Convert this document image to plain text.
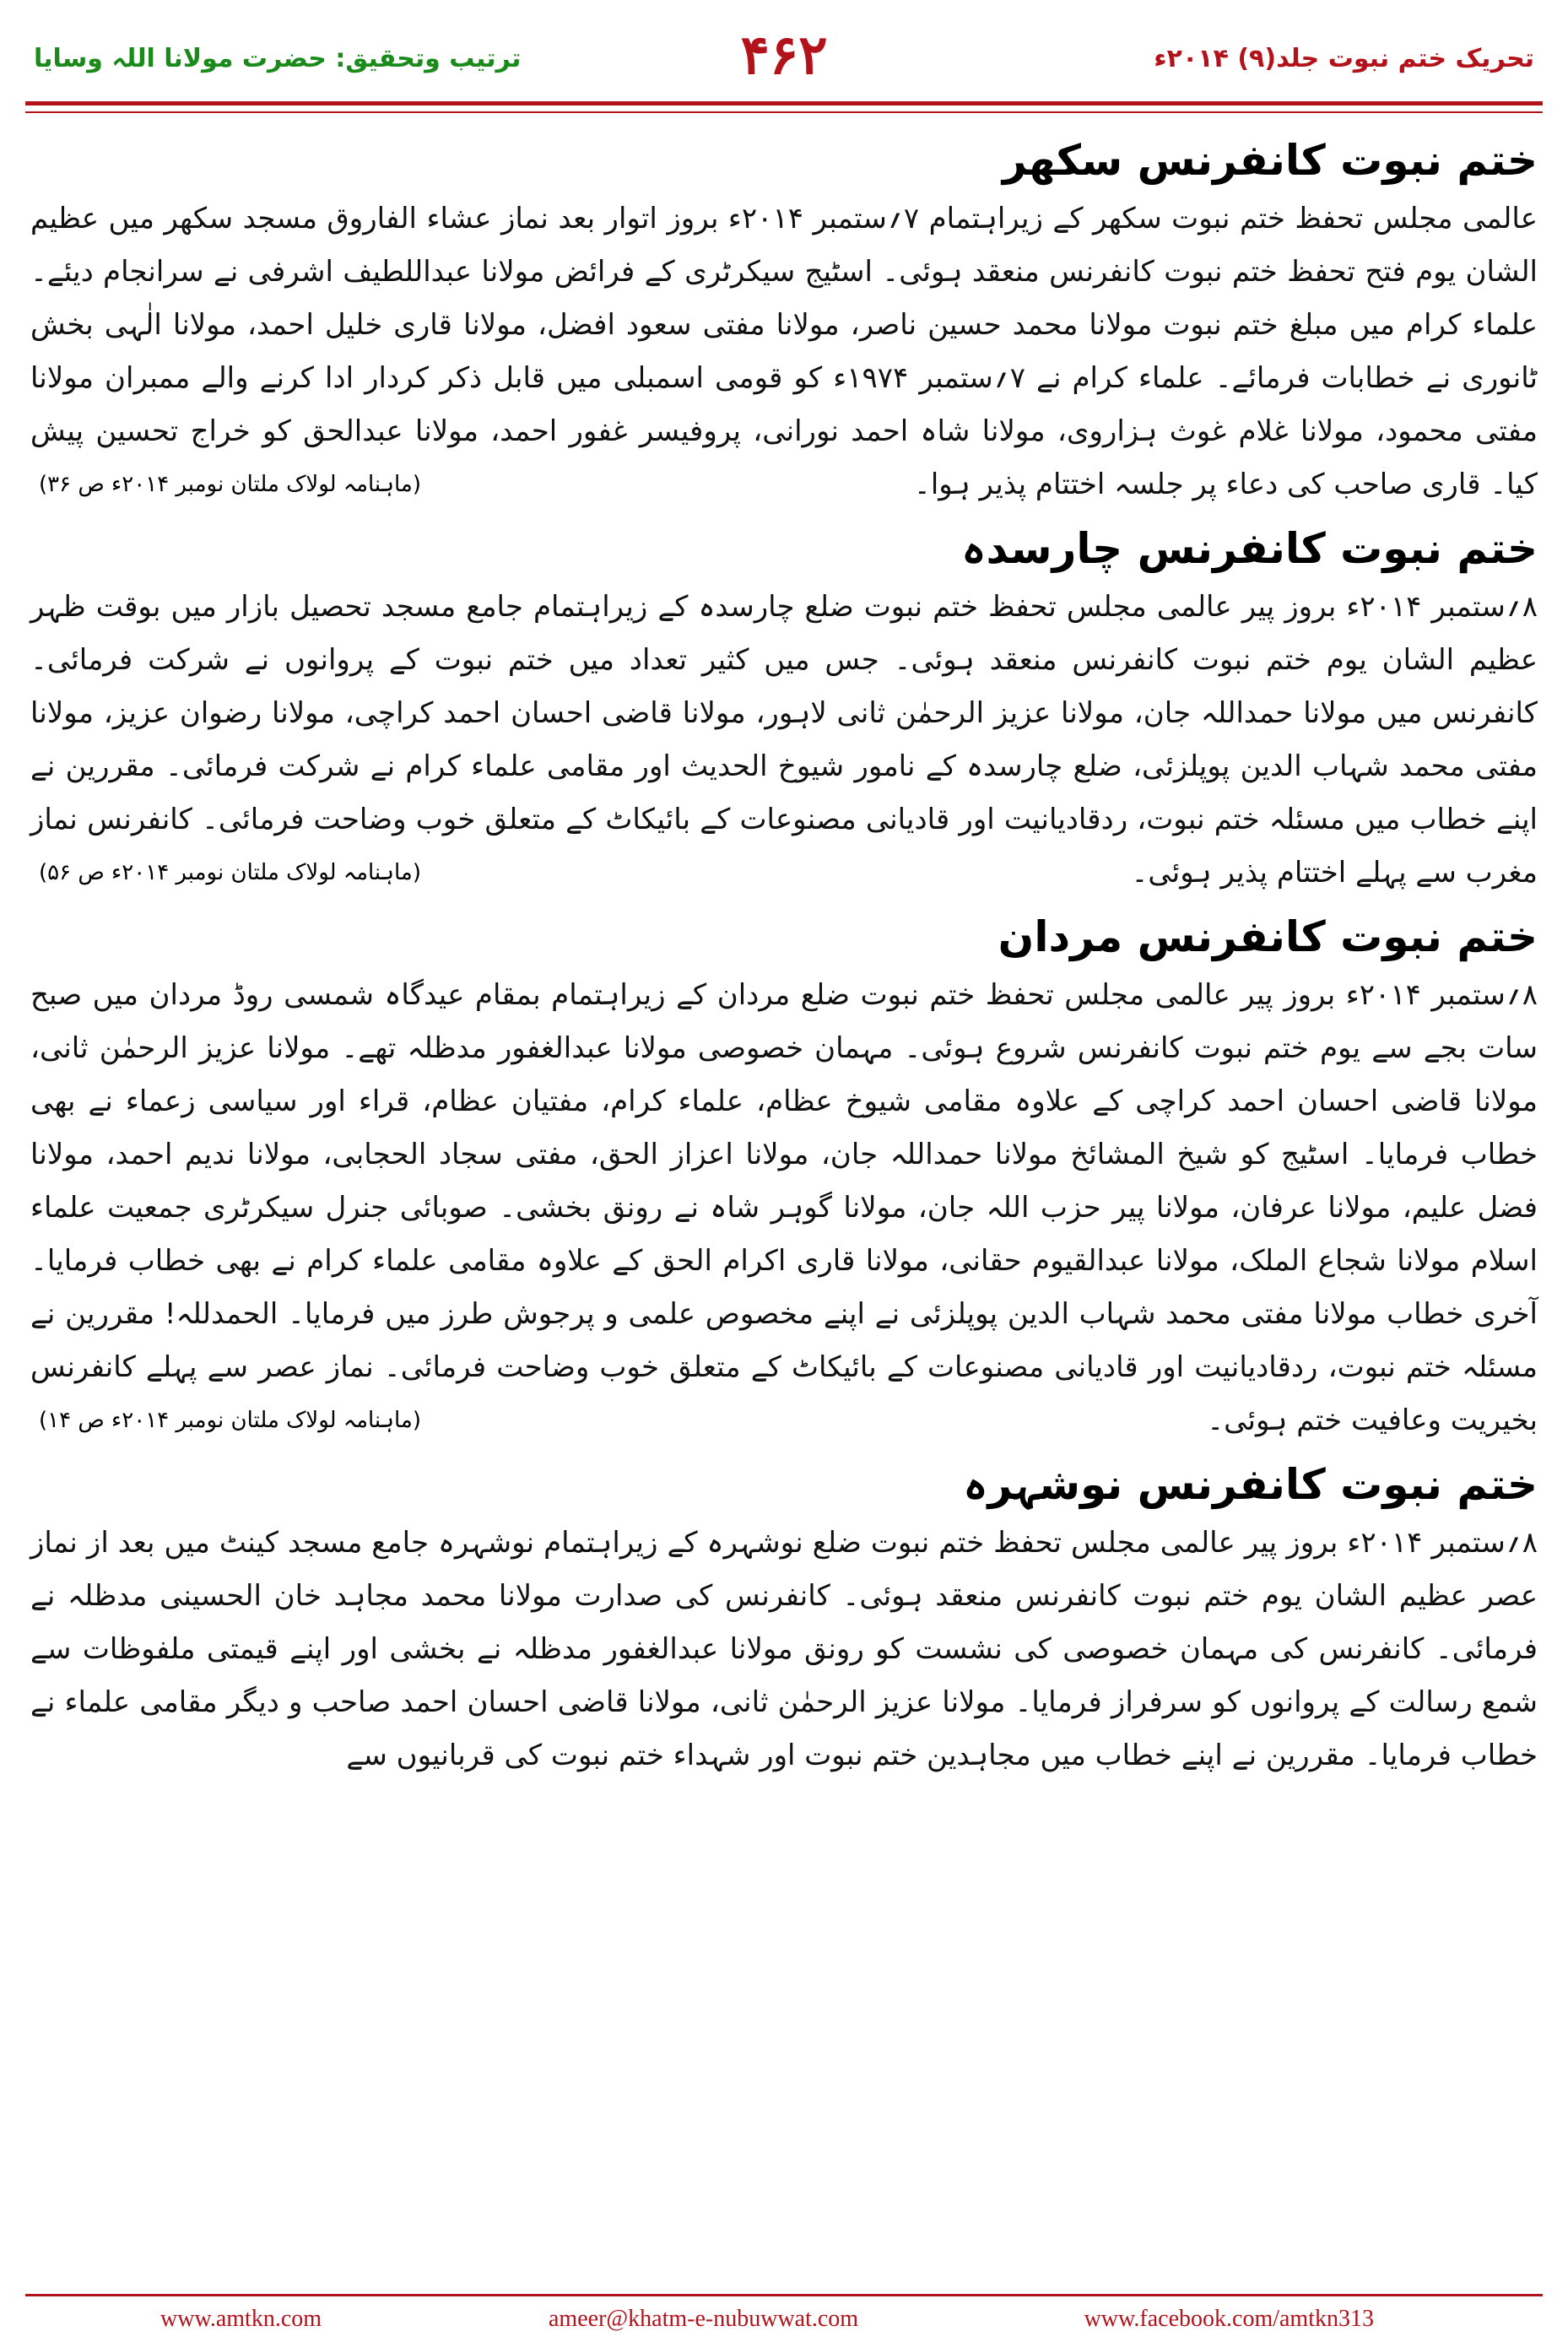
تحریک ختم نبوت جلد(۹) ۲۰۱۴ء
۴۶۲
ترتیب وتحقیق: حضرت مولانا اللہ وسایا
ختم نبوت کانفرنس سکھر

عالمی مجلس تحفظ ختم نبوت سکھر کے زیراہتمام ۷؍ستمبر ۲۰۱۴ء بروز اتوار بعد نماز عشاء الفاروق مسجد سکھر میں عظیم الشان یوم فتح تحفظ ختم نبوت کانفرنس منعقد ہوئی۔ اسٹیج سیکرٹری کے فرائض مولانا عبداللطیف اشرفی نے سرانجام دیئے۔ علماء کرام میں مبلغ ختم نبوت مولانا محمد حسین ناصر، مولانا مفتی سعود افضل، مولانا قاری خلیل احمد، مولانا الٰہی بخش ٹانوری نے خطابات فرمائے۔ علماء کرام نے ۷؍ستمبر ۱۹۷۴ء کو قومی اسمبلی میں قابل ذکر کردار ادا کرنے والے ممبران مولانا مفتی محمود، مولانا غلام غوث ہزاروی، مولانا شاہ احمد نورانی، پروفیسر غفور احمد، مولانا عبدالحق کو خراج تحسین پیش کیا۔ قاری صاحب کی دعاء پر جلسہ اختتام پذیر ہوا۔

(ماہنامہ لولاک ملتان نومبر ۲۰۱۴ء ص ۳۶)
ختم نبوت کانفرنس چارسدہ

۸؍ستمبر ۲۰۱۴ء بروز پیر عالمی مجلس تحفظ ختم نبوت ضلع چارسدہ کے زیراہتمام جامع مسجد تحصیل بازار میں بوقت ظہر عظیم الشان یوم ختم نبوت کانفرنس منعقد ہوئی۔ جس میں کثیر تعداد میں ختم نبوت کے پروانوں نے شرکت فرمائی۔ کانفرنس میں مولانا حمداللہ جان، مولانا عزیز الرحمٰن ثانی لاہور، مولانا قاضی احسان احمد کراچی، مولانا رضوان عزیز، مولانا مفتی محمد شہاب الدین پوپلزئی، ضلع چارسدہ کے نامور شیوخ الحدیث اور مقامی علماء کرام نے شرکت فرمائی۔ مقررین نے اپنے خطاب میں مسئلہ ختم نبوت، ردقادیانیت اور قادیانی مصنوعات کے بائیکاٹ کے متعلق خوب وضاحت فرمائی۔ کانفرنس نماز مغرب سے پہلے اختتام پذیر ہوئی۔

(ماہنامہ لولاک ملتان نومبر ۲۰۱۴ء ص ۵۶)
ختم نبوت کانفرنس مردان

۸؍ستمبر ۲۰۱۴ء بروز پیر عالمی مجلس تحفظ ختم نبوت ضلع مردان کے زیراہتمام بمقام عیدگاہ شمسی روڈ مردان میں صبح سات بجے سے یوم ختم نبوت کانفرنس شروع ہوئی۔ مہمان خصوصی مولانا عبدالغفور مدظلہ تھے۔ مولانا عزیز الرحمٰن ثانی، مولانا قاضی احسان احمد کراچی کے علاوہ مقامی شیوخ عظام، علماء کرام، مفتیان عظام، قراء اور سیاسی زعماء نے بھی خطاب فرمایا۔ اسٹیج کو شیخ المشائخ مولانا حمداللہ جان، مولانا اعزاز الحق، مفتی سجاد الحجابی، مولانا ندیم احمد، مولانا فضل علیم، مولانا عرفان، مولانا پیر حزب اللہ جان، مولانا گوہر شاہ نے رونق بخشی۔ صوبائی جنرل سیکرٹری جمعیت علماء اسلام مولانا شجاع الملک، مولانا عبدالقیوم حقانی، مولانا قاری اکرام الحق کے علاوہ مقامی علماء کرام نے بھی خطاب فرمایا۔ آخری خطاب مولانا مفتی محمد شہاب الدین پوپلزئی نے اپنے مخصوص علمی و پرجوش طرز میں فرمایا۔ الحمدللہ! مقررین نے مسئلہ ختم نبوت، ردقادیانیت اور قادیانی مصنوعات کے بائیکاٹ کے متعلق خوب وضاحت فرمائی۔ نماز عصر سے پہلے کانفرنس بخیریت وعافیت ختم ہوئی۔

(ماہنامہ لولاک ملتان نومبر ۲۰۱۴ء ص ۱۴)
ختم نبوت کانفرنس نوشہرہ

۸؍ستمبر ۲۰۱۴ء بروز پیر عالمی مجلس تحفظ ختم نبوت ضلع نوشہرہ کے زیراہتمام نوشہرہ جامع مسجد کینٹ میں بعد از نماز عصر عظیم الشان یوم ختم نبوت کانفرنس منعقد ہوئی۔ کانفرنس کی صدارت مولانا محمد مجاہد خان الحسینی مدظلہ نے فرمائی۔ کانفرنس کی مہمان خصوصی کی نشست کو رونق مولانا عبدالغفور مدظلہ نے بخشی اور اپنے قیمتی ملفوظات سے شمع رسالت کے پروانوں کو سرفراز فرمایا۔ مولانا عزیز الرحمٰن ثانی، مولانا قاضی احسان احمد صاحب و دیگر مقامی علماء نے خطاب فرمایا۔ مقررین نے اپنے خطاب میں مجاہدین ختم نبوت اور شہداء ختم نبوت کی قربانیوں سے

www.amtkn.com	ameer@khatm-e-nubuwwat.com	www.facebook.com/amtkn313
